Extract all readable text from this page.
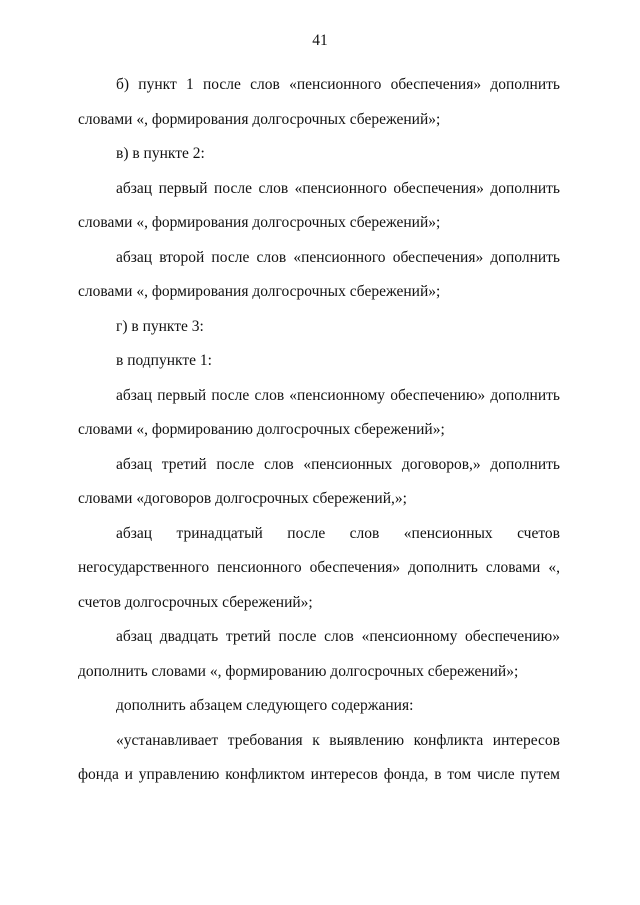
41

б) пункт 1 после слов «пенсионного обеспечения» дополнить словами «, формирования долгосрочных сбережений»;

в) в пункте 2:

абзац первый после слов «пенсионного обеспечения» дополнить словами «, формирования долгосрочных сбережений»;

абзац второй после слов «пенсионного обеспечения» дополнить словами «, формирования долгосрочных сбережений»;

г) в пункте 3:

в подпункте 1:

абзац первый после слов «пенсионному обеспечению» дополнить словами «, формированию долгосрочных сбережений»;

абзац третий после слов «пенсионных договоров,» дополнить словами «договоров долгосрочных сбережений,»;

абзац тринадцатый после слов «пенсионных счетов негосударственного пенсионного обеспечения» дополнить словами «, счетов долгосрочных сбережений»;

абзац двадцать третий после слов «пенсионному обеспечению» дополнить словами «, формированию долгосрочных сбережений»;

дополнить абзацем следующего содержания:

«устанавливает требования к выявлению конфликта интересов фонда и управлению конфликтом интересов фонда, в том числе путем
